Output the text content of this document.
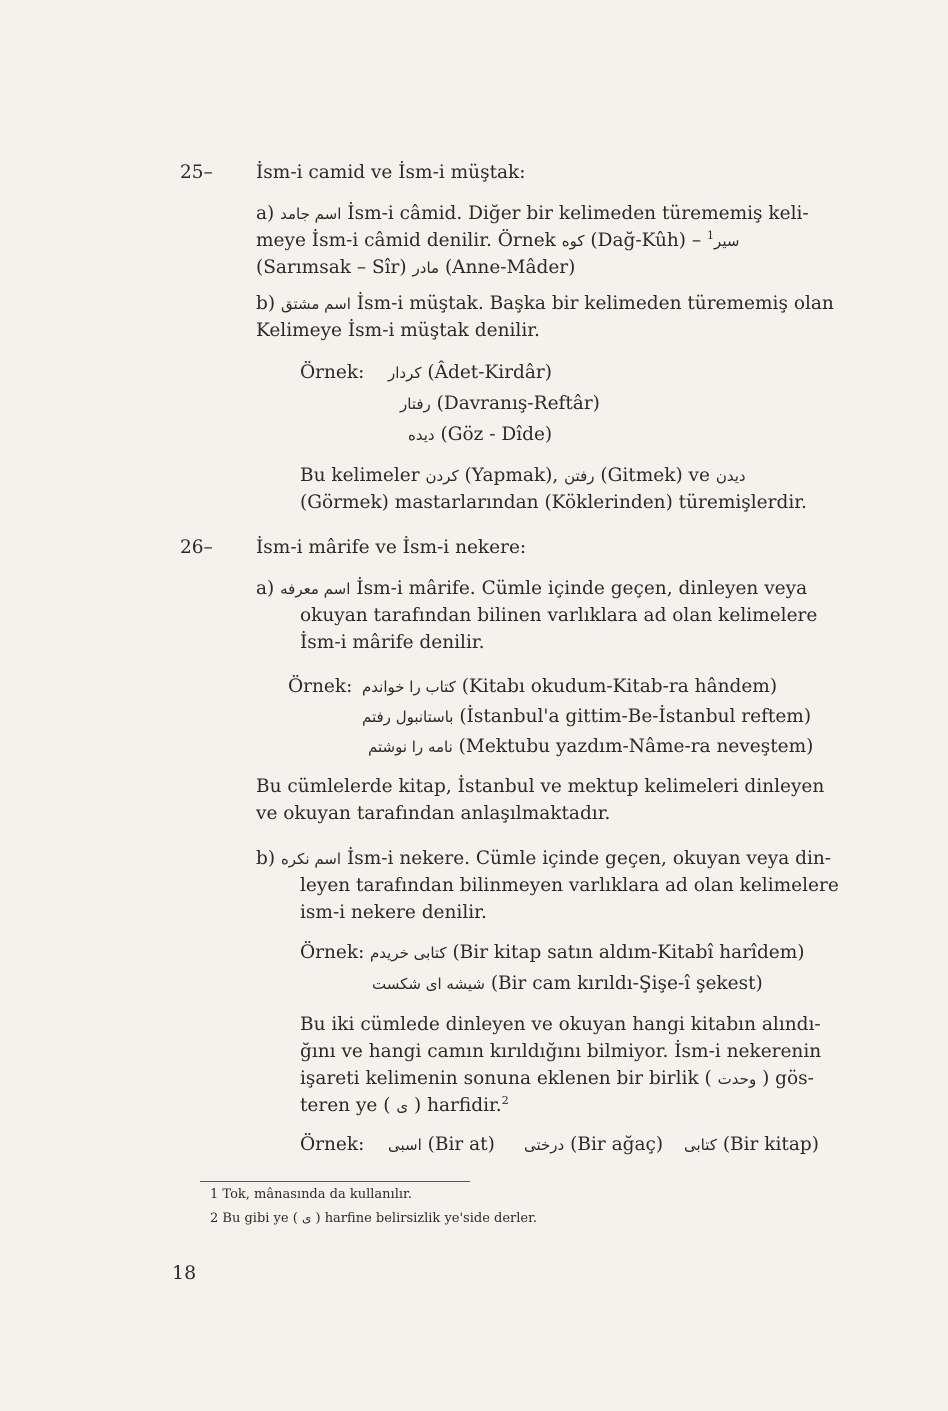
25– İsm-i camid ve İsm-i müştak:
a) اسم جامد İsm-i câmid. Diğer bir kelimeden türememiş keli-
meye İsm-i câmid denilir. Örnek کوه (Dağ-Kûh) – سیر$^1$
(Sarımsak – Sîr) مادر (Anne-Mâder)
b) اسم مشتق İsm-i müştak. Başka bir kelimeden türememiş olan
Kelimeye İsm-i müştak denilir.
Örnek: کردار (Âdet-Kirdâr)
رفتار (Davranış-Reftâr)
دیده (Göz - Dîde)
Bu kelimeler کردن (Yapmak), رفتن (Gitmek) ve دیدن
(Görmek) mastarlarından (Köklerinden) türemişlerdir.
26– İsm-i mârife ve İsm-i nekere:
a) اسم معرفه İsm-i mârife. Cümle içinde geçen, dinleyen veya
okuyan tarafından bilinen varlıklara ad olan kelimelere
İsm-i mârife denilir.
Örnek: کتاب را خواندم (Kitabı okudum-Kitab-ra hândem)
باستانبول رفتم (İstanbul'a gittim-Be-İstanbul reftem)
نامه را نوشتم (Mektubu yazdım-Nâme-ra neveştem)
Bu cümlelerde kitap, İstanbul ve mektup kelimeleri dinleyen
ve okuyan tarafından anlaşılmaktadır.
b) اسم نکره İsm-i nekere. Cümle içinde geçen, okuyan veya din-
leyen tarafından bilinmeyen varlıklara ad olan kelimelere
ism-i nekere denilir.
Örnek: کتابی خریدم (Bir kitap satın aldım-Kitabî harîdem)
شیشه ای شکست (Bir cam kırıldı-Şişe-î şekest)
Bu iki cümlede dinleyen ve okuyan hangi kitabın alındı-
ğını ve hangi camın kırıldığını bilmiyor. İsm-i nekerenin
işareti kelimenin sonuna eklenen bir birlik ( وحدت ) gös-
teren ye ( ی ) harfidir.$^2$
Örnek: اسبی (Bir at) درختی (Bir ağaç) کتابی (Bir kitap)
1 Tok, mânasında da kullanılır.
2 Bu gibi ye ( ی ) harfine belirsizlik ye'side derler.
18
